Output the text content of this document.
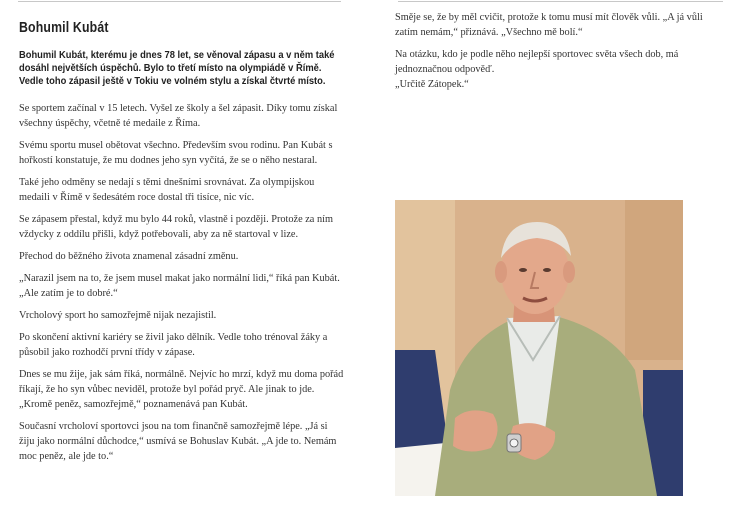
Bohumil Kubát
Bohumil Kubát, kterému je dnes 78 let, se věnoval zápasu a v něm také dosáhl největších úspěchů. Bylo to třetí místo na olympiádě v Římě. Vedle toho zápasil ještě v Tokiu ve volném stylu a získal čtvrté místo.

Se sportem začínal v 15 letech. Vyšel ze školy a šel zápasit. Díky tomu získal všechny úspěchy, včetně té medaile z Říma.

Svému sportu musel obětovat všechno. Především svou rodinu. Pan Kubát s hořkostí konstatuje, že mu dodnes jeho syn vyčítá, že se o něho nestaral.

Také jeho odměny se nedají s těmi dnešními srovnávat. Za olympijskou medaili v Římě v šedesátém roce dostal tři tisíce, nic víc.

Se zápasem přestal, když mu bylo 44 roků, vlastně i později. Protože za ním vždycky z oddílu přišli, když potřebovali, aby za ně startoval v lize.

Přechod do běžného života znamenal zásadní změnu.

„Narazil jsem na to, že jsem musel makat jako normální lidi,“ říká pan Kubát. „Ale zatím je to dobré.“

Vrcholový sport ho samozřejmě nijak nezajistil.

Po skončení aktivní kariéry se živil jako dělník. Vedle toho trénoval žáky a působil jako rozhodčí první třídy v zápase.

Dnes se mu žije, jak sám říká, normálně. Nejvíc ho mrzí, když mu doma pořád říkají, že ho syn vůbec neviděl, protože byl pořád pryč. Ale jinak to jde. „Kromě peněz, samozřejmě,“ poznamenává pan Kubát.

Současní vrcholoví sportovci jsou na tom finančně samozřejmě lépe. „Já si žiju jako normální důchodce,“ usmívá se Bohuslav Kubát. „A jde to. Nemám moc peněz, ale jde to.“

Směje se, že by měl cvičit, protože k tomu musí mít člověk vůli. „A já vůli zatím nemám,“ přiznává. „Všechno mě bolí.“

Na otázku, kdo je podle něho nejlepší sportovec světa všech dob, má jednoznačnou odpověď.
„Určitě Zátopek.“
